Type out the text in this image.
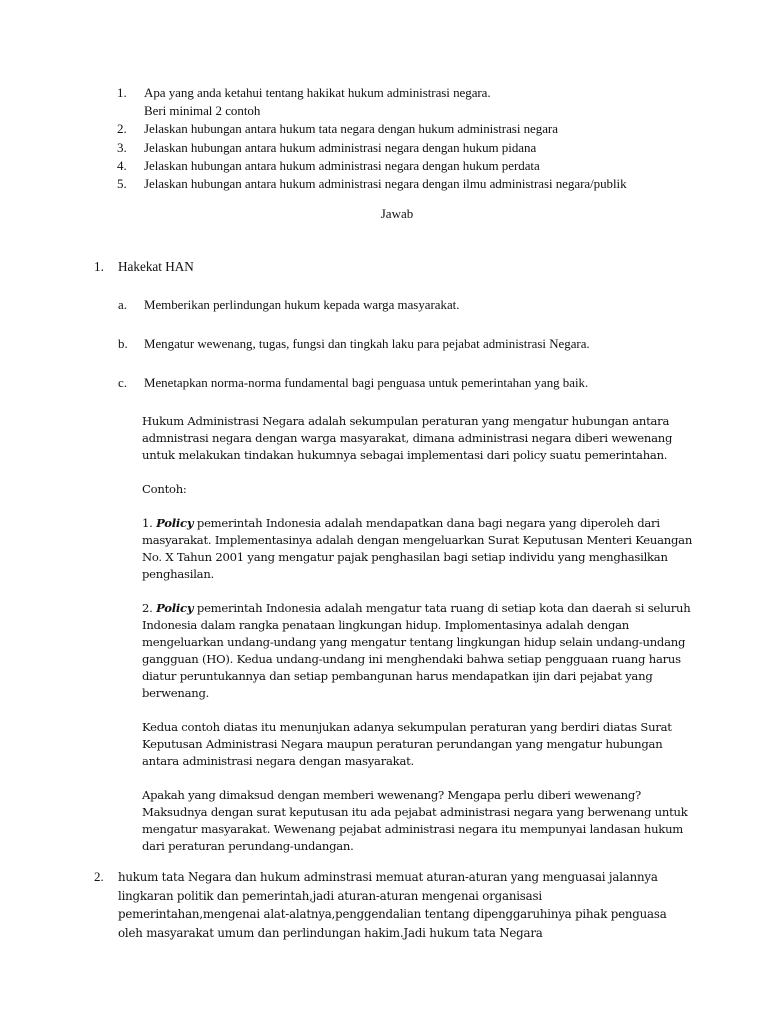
1.	Apa yang anda ketahui tentang hakikat hukum administrasi negara.
Beri minimal 2 contoh
2.	Jelaskan hubungan antara hukum tata negara dengan hukum administrasi negara
3.	Jelaskan hubungan antara hukum administrasi negara dengan hukum pidana
4.	Jelaskan hubungan antara hukum administrasi negara dengan hukum perdata
5.	Jelaskan hubungan antara hukum administrasi negara dengan ilmu administrasi negara/publik
Jawab
1.	Hakekat HAN
a.	Memberikan perlindungan hukum kepada warga masyarakat.
b.	Mengatur wewenang, tugas, fungsi dan tingkah laku para pejabat administrasi Negara.
c.	Menetapkan norma-norma fundamental bagi penguasa untuk pemerintahan yang baik.

Hukum Administrasi Negara adalah sekumpulan peraturan yang mengatur hubungan antara admnistrasi negara dengan warga masyarakat, dimana administrasi negara diberi wewenang untuk melakukan tindakan hukumnya sebagai implementasi dari policy suatu pemerintahan.

Contoh:

1. Policy pemerintah Indonesia adalah mendapatkan dana bagi negara yang diperoleh dari masyarakat. Implementasinya adalah dengan mengeluarkan Surat Keputusan Menteri Keuangan No. X Tahun 2001 yang mengatur pajak penghasilan bagi setiap individu yang menghasilkan penghasilan.

2. Policy pemerintah Indonesia adalah mengatur tata ruang di setiap kota dan daerah si seluruh Indonesia dalam rangka penataan lingkungan hidup. Implomentasinya adalah dengan mengeluarkan undang-undang yang mengatur tentang lingkungan hidup selain undang-undang gangguan (HO). Kedua undang-undang ini menghendaki bahwa setiap pengguaan ruang harus diatur peruntukannya dan setiap pembangunan harus mendapatkan ijin dari pejabat yang berwenang.

Kedua contoh diatas itu menunjukan adanya sekumpulan peraturan yang berdiri diatas Surat Keputusan Administrasi Negara maupun peraturan perundangan yang mengatur hubungan antara administrasi negara dengan masyarakat.

Apakah yang dimaksud dengan memberi wewenang? Mengapa perlu diberi wewenang? Maksudnya dengan surat keputusan itu ada pejabat administrasi negara yang berwenang untuk mengatur masyarakat. Wewenang pejabat administrasi negara itu mempunyai landasan hukum dari peraturan perundang-undangan.

2.	hukum tata Negara dan hukum adminstrasi memuat aturan-aturan yang menguasai jalannya lingkaran politik dan pemerintah,jadi aturan-aturan mengenai organisasi pemerintahan,mengenai alat-alatnya,penggendalian tentang dipenggaruhinya pihak penguasa oleh masyarakat umum dan perlindungan hakim.Jadi hukum tata Negara
